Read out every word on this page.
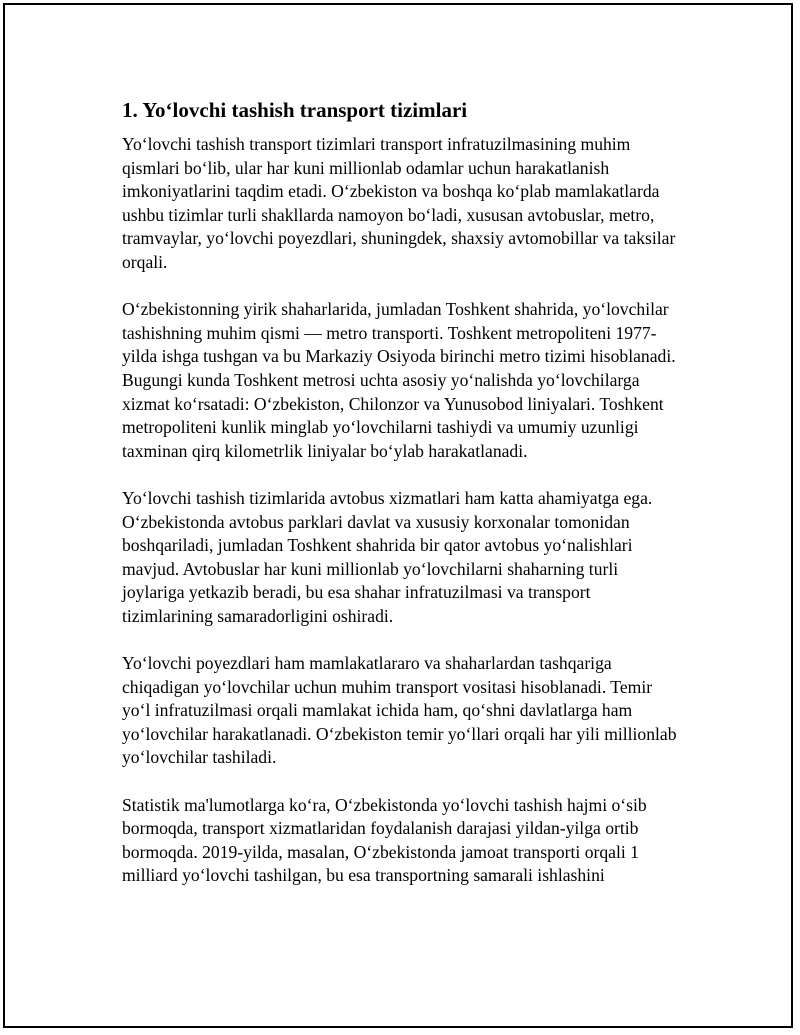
1. Yo‘lovchi tashish transport tizimlari

Yo‘lovchi tashish transport tizimlari transport infratuzilmasining muhim qismlari bo‘lib, ular har kuni millionlab odamlar uchun harakatlanish imkoniyatlarini taqdim etadi. O‘zbekiston va boshqa ko‘plab mamlakatlarda ushbu tizimlar turli shakllarda namoyon bo‘ladi, xususan avtobuslar, metro, tramvaylar, yo‘lovchi poyezdlari, shuningdek, shaxsiy avtomobillar va taksilar orqali.

O‘zbekistonning yirik shaharlarida, jumladan Toshkent shahrida, yo‘lovchilar tashishning muhim qismi — metro transporti. Toshkent metropoliteni 1977-yilda ishga tushgan va bu Markaziy Osiyoda birinchi metro tizimi hisoblanadi. Bugungi kunda Toshkent metrosi uchta asosiy yo‘nalishda yo‘lovchilarga xizmat ko‘rsatadi: O‘zbekiston, Chilonzor va Yunusobod liniyalari. Toshkent metropoliteni kunlik minglab yo‘lovchilarni tashiydi va umumiy uzunligi taxminan qirq kilometrlik liniyalar bo‘ylab harakatlanadi.

Yo‘lovchi tashish tizimlarida avtobus xizmatlari ham katta ahamiyatga ega. O‘zbekistonda avtobus parklari davlat va xususiy korxonalar tomonidan boshqariladi, jumladan Toshkent shahrida bir qator avtobus yo‘nalishlari mavjud. Avtobuslar har kuni millionlab yo‘lovchilarni shaharning turli joylariga yetkazib beradi, bu esa shahar infratuzilmasi va transport tizimlarining samaradorligini oshiradi.

Yo‘lovchi poyezdlari ham mamlakatlararo va shaharlardan tashqariga chiqadigan yo‘lovchilar uchun muhim transport vositasi hisoblanadi. Temir yo‘l infratuzilmasi orqali mamlakat ichida ham, qo‘shni davlatlarga ham yo‘lovchilar harakatlanadi. O‘zbekiston temir yo‘llari orqali har yili millionlab yo‘lovchilar tashiladi.

Statistik ma'lumotlarga ko‘ra, O‘zbekistonda yo‘lovchi tashish hajmi o‘sib bormoqda, transport xizmatlaridan foydalanish darajasi yildan-yilga ortib bormoqda. 2019-yilda, masalan, O‘zbekistonda jamoat transporti orqali 1 milliard yo‘lovchi tashilgan, bu esa transportning samarali ishlashini
